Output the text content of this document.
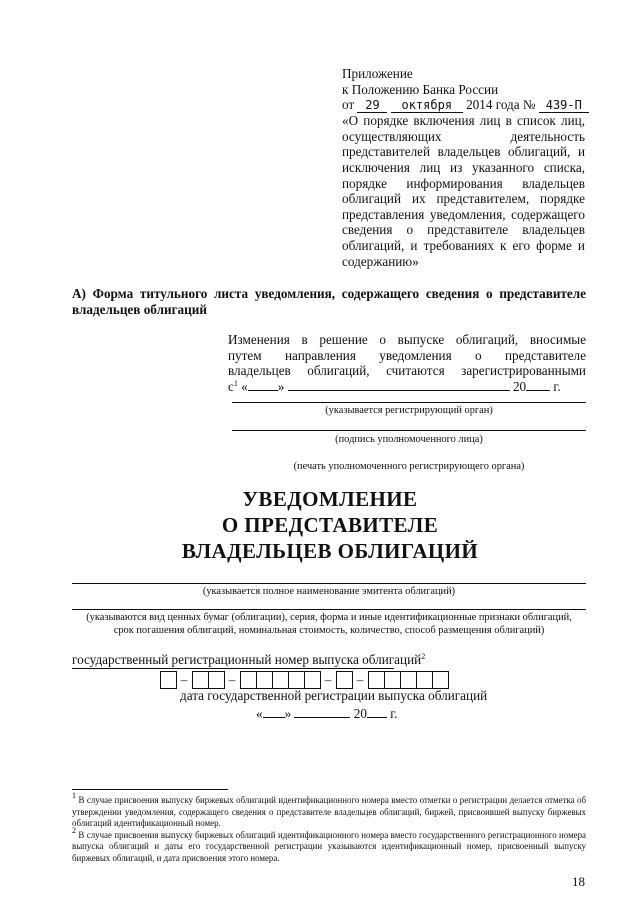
Приложение
к Положению Банка России
от 29 октября 2014 года № 439-П
«О порядке включения лиц в список лиц,
осуществляющих деятельность
представителей владельцев облигаций, и
исключения лиц из указанного списка,
порядке информирования владельцев
облигаций их представителем, порядке
представления уведомления, содержащего
сведения о представителе владельцев
облигаций, и требованиях к его форме и
содержанию»
А) Форма титульного листа уведомления, содержащего сведения о представителе
владельцев облигаций
Изменения в решение о выпуске облигаций, вносимые
путем направления уведомления о представителе
владельцев облигаций, считаются зарегистрированными
$с^1$ « »	20 г.
(указывается регистрирующий орган)
(подпись уполномоченного лица)
(печать уполномоченного регистрирующего органа)
УВЕДОМЛЕНИЕ
О ПРЕДСТАВИТЕЛЕ
ВЛАДЕЛЬЦЕВ ОБЛИГАЦИЙ
(указывается полное наименование эмитента облигаций)
(указываются вид ценных бумаг (облигации), серия, форма и иные идентификационные признаки облигаций,
срок погашения облигаций, номинальная стоимость, количество, способ размещения облигаций)
государственный регистрационный номер выпуска облигаций$^2$
–	–	–	–
дата государственной регистрации выпуска облигаций
« »	20 г.

$^1$ В случае присвоения выпуску биржевых облигаций идентификационного номера вместо отметки о регистрации делается отметка об утверждении уведомления, содержащего сведения о представителе владельцев облигаций, биржей, присвоившей выпуску биржевых облигаций идентификационный номер.

$^2$ В случае присвоения выпуску биржевых облигаций идентификационного номера вместо государственного регистрационного номера выпуска облигаций и даты его государственной регистрации указываются идентификационный номер, присвоенный выпуску биржевых облигаций, и дата присвоения этого номера.

18
